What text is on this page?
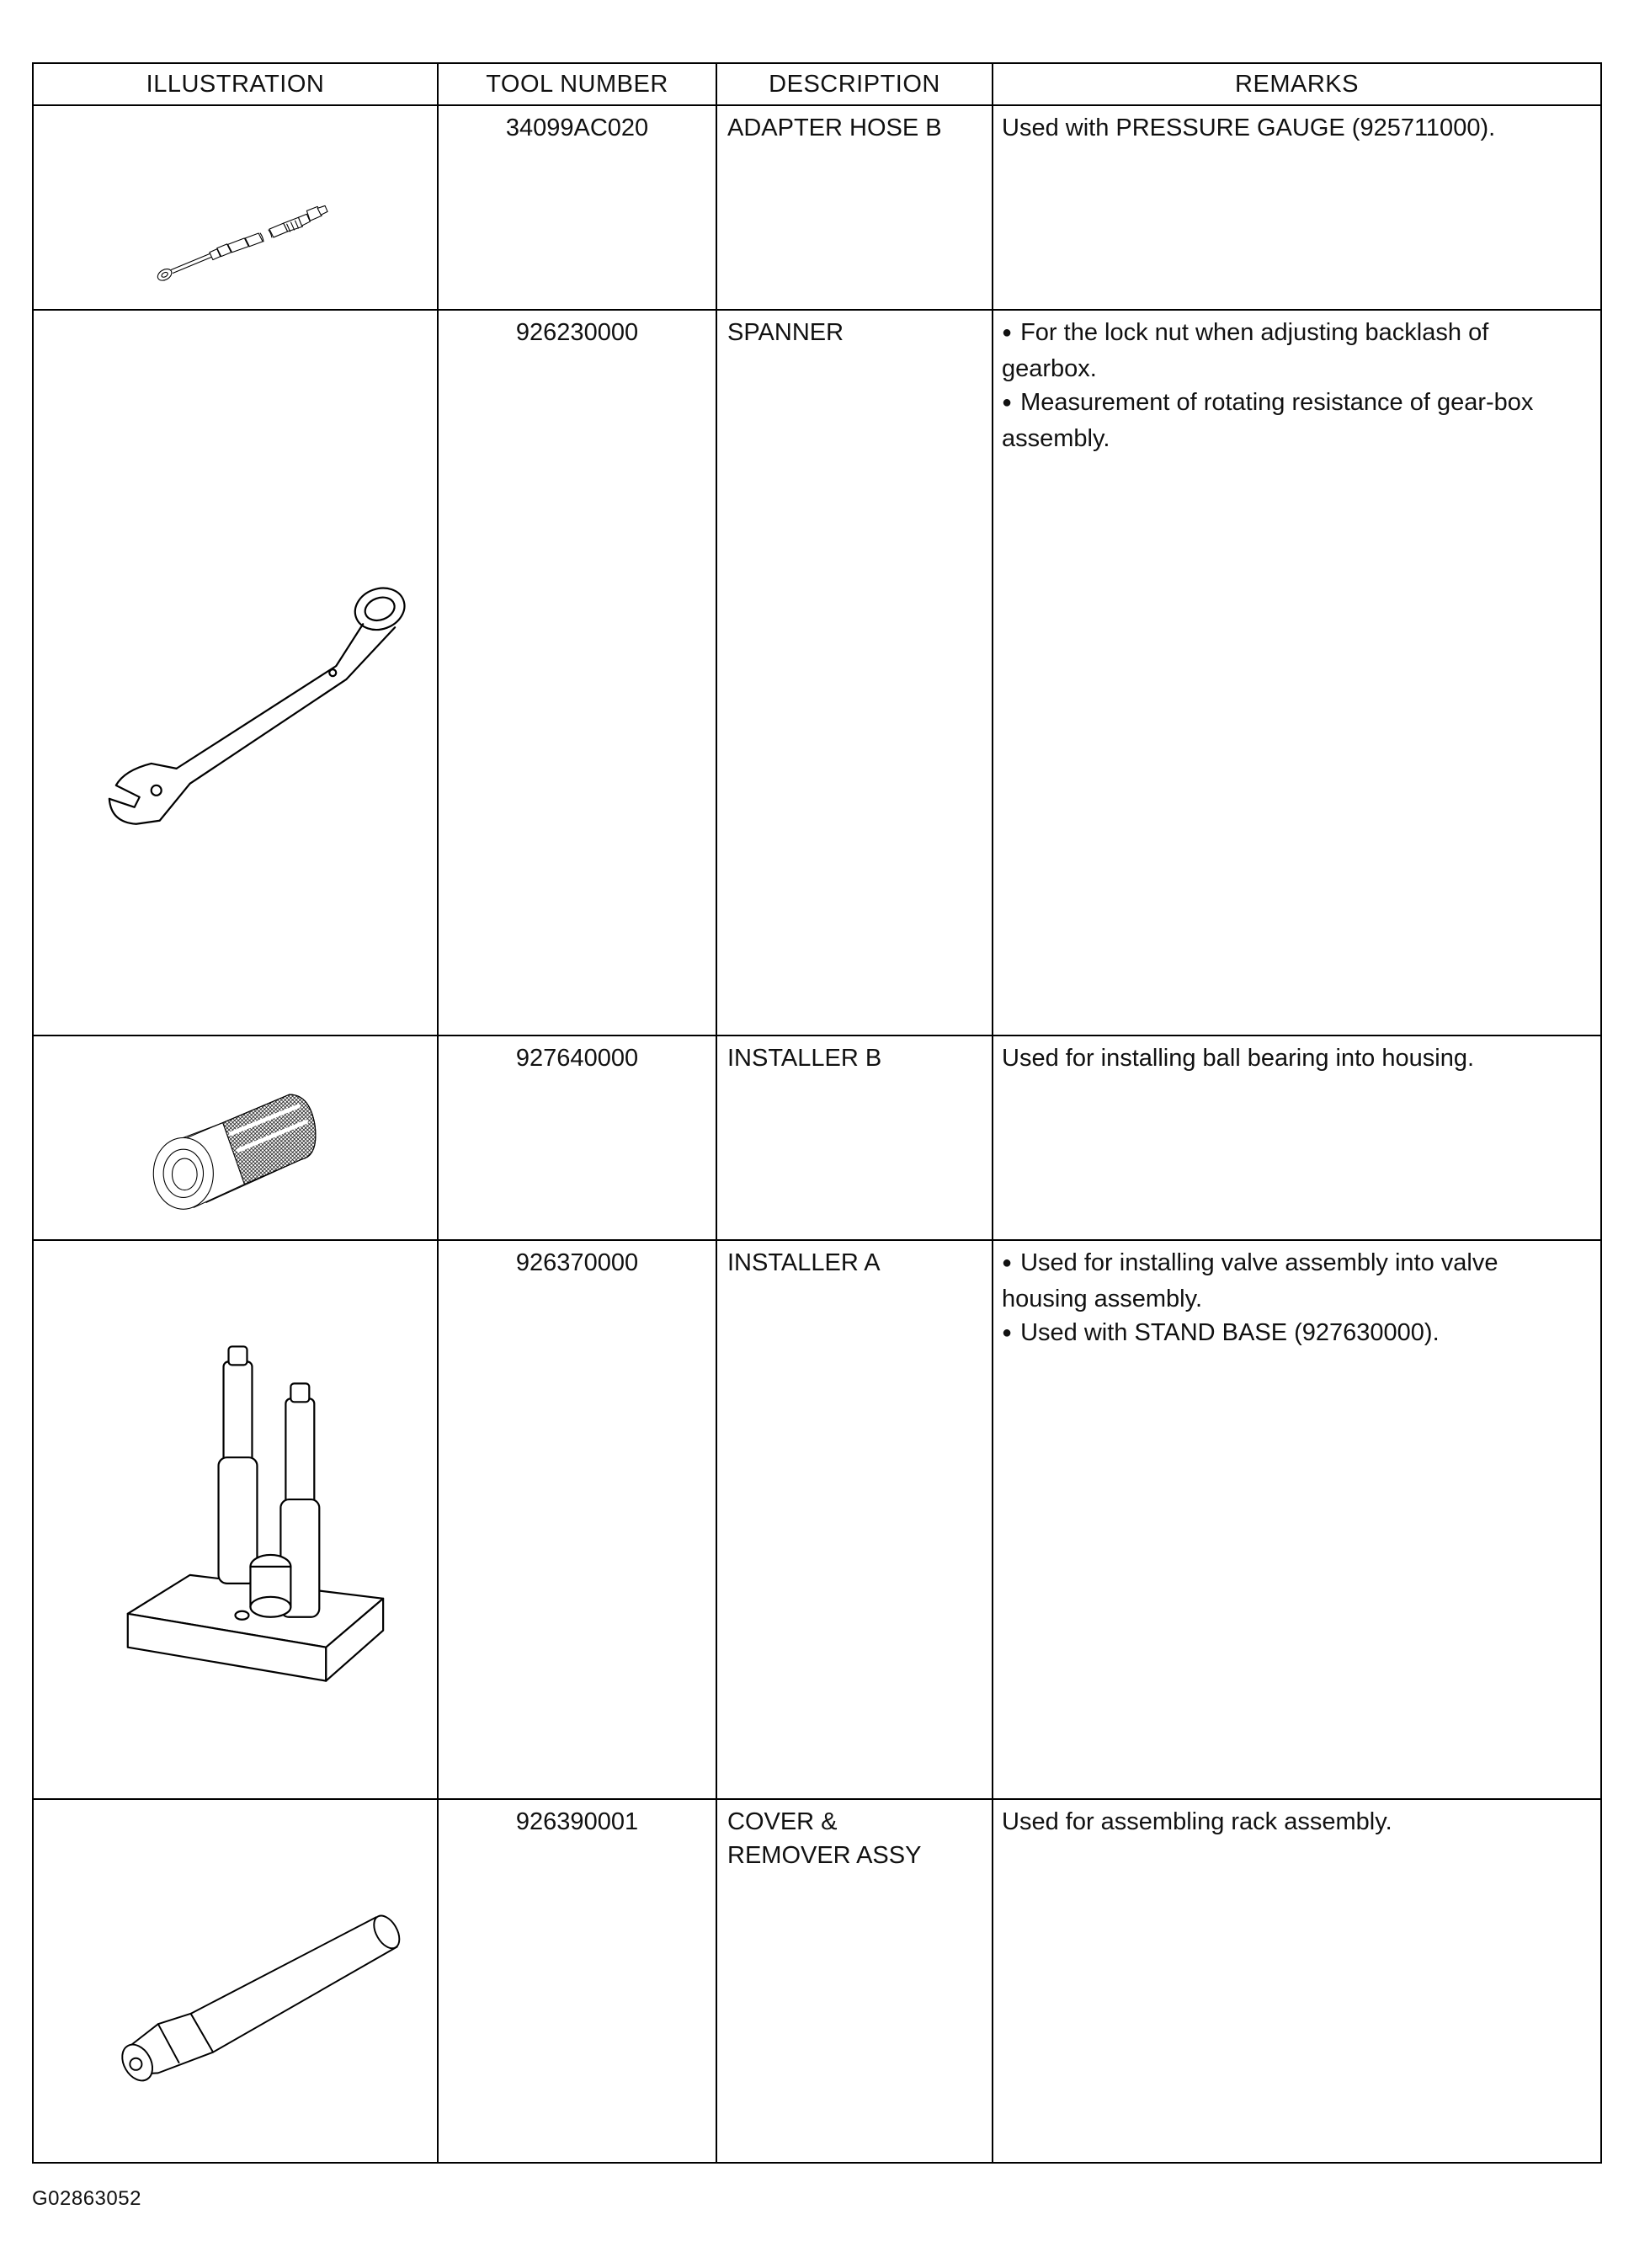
ILLUSTRATION	TOOL NUMBER	DESCRIPTION	REMARKS

	34099AC020	ADAPTER HOSE B	Used with PRESSURE GAUGE (925711000).

	926230000	SPANNER	● For the lock nut when adjusting backlash of gearbox.
● Measurement of rotating resistance of gear-box assembly.

	927640000	INSTALLER B	Used for installing ball bearing into housing.

	926370000	INSTALLER A	● Used for installing valve assembly into valve housing assembly.
● Used with STAND BASE (927630000).

	926390001	COVER &
REMOVER ASSY	Used for assembling rack assembly.
G02863052
